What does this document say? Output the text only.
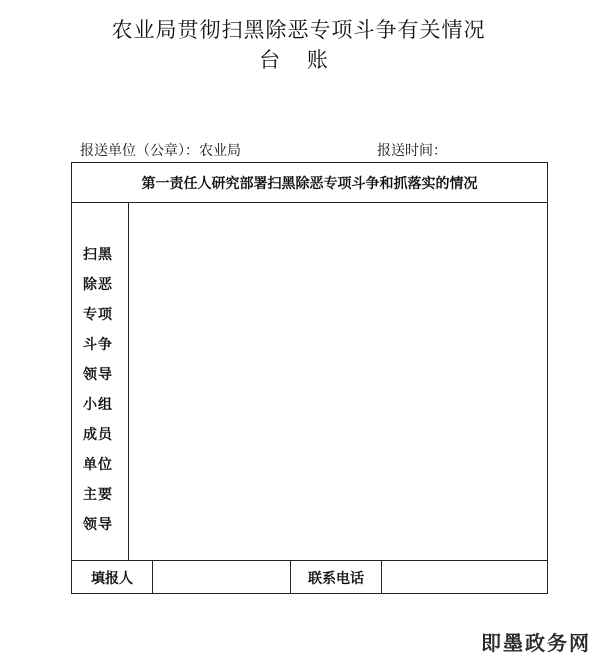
农业局贯彻扫黑除恶专项斗争有关情况
台 账
报送单位（公章）：农业局	报送时间：
第一责任人研究部署扫黑除恶专项斗争和抓落实的情况
扫黑
除恶
专项
斗争
领导
小组
成员
单位
主要
领导
填报人	联系电话
即墨政务网
